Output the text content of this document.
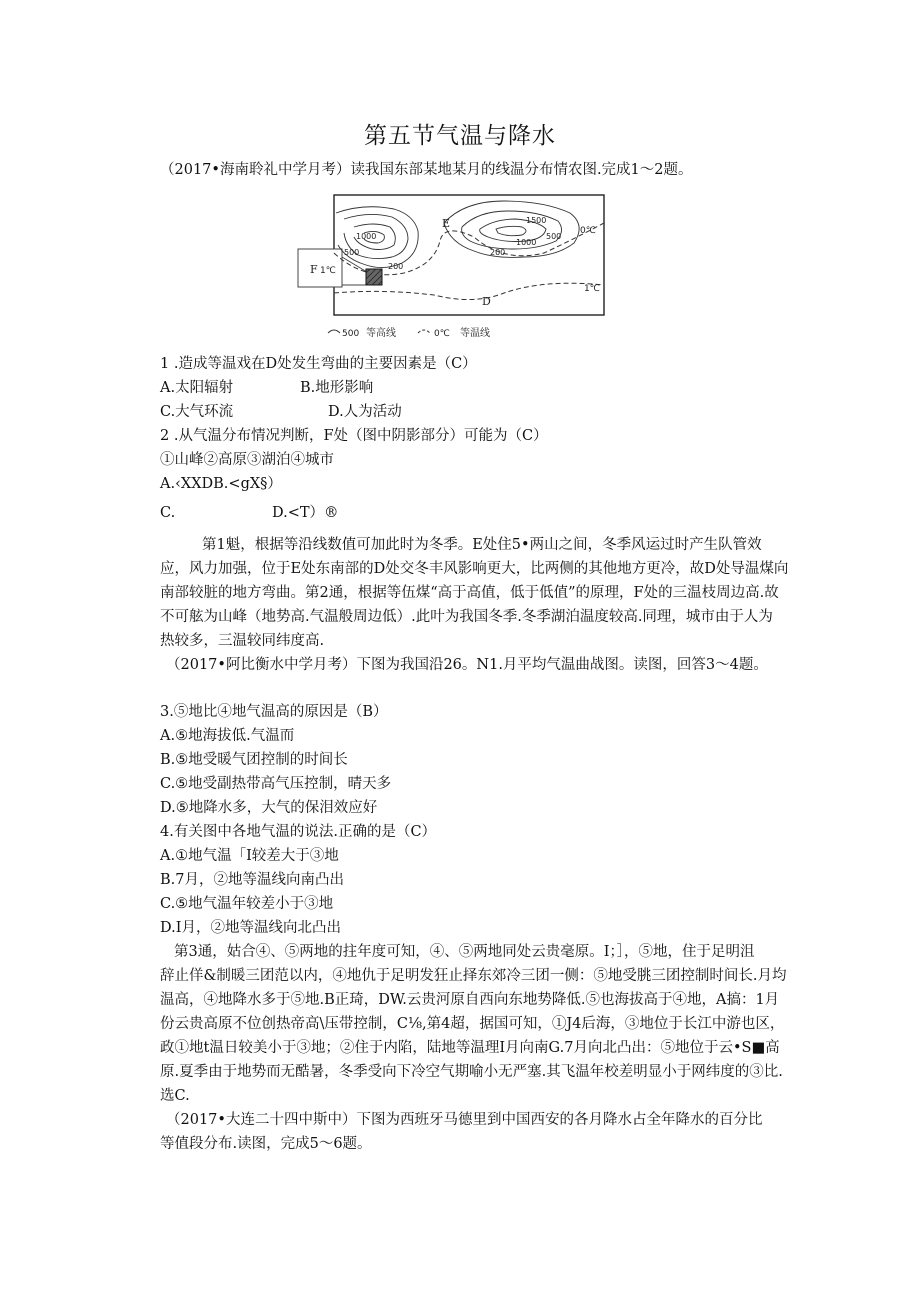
第五节气温与降水
（2017•海南聆礼中学月考）读我国东部某地某月的线温分布情农图.完成1～2题。
E
D
F 1℃
0℃
1℃
1000
500
200
1000
500
200
1500
500 等高线	0℃ 等温线
1 .造成等温戏在D处发生弯曲的主要因素是（C）
A.太阳辐射	B.地形影响
C.大气环流	D.人为活动
2 .从气温分布情况判断，F处（图中阴影部分）可能为（C）
①山峰②高原③湖泊④城市
A.‹XXDB.<gX§）
C.	D.<T）®
第1魁，根据等沿线数值可加此时为冬季。E处住5•两山之间，冬季风运过时产生队管效
应，风力加强，位于E处东南部的D处交冬丰风影响更大，比两侧的其他地方更冷，故D处导温煤向
南部较脏的地方弯曲。第2通，根据等伍煤“高于高值，低于低值”的原理，F处的三温枝周边高.故
不可舷为山峰（地势高.气温般周边低）.此叶为我国冬季.冬季湖泊温度较高.同理，城市由于人为
热较多，三温较同纬度高.
（2017•阿比衡水中学月考）下图为我国沿26。N1.月平均气温曲战图。读图，回答3～4题。
3.⑤地比④地气温高的原因是（B）
A.⑤地海拔低.气温而
B.⑤地受暖气团控制的时间长
C.⑤地受副热带高气压控制，晴天多
D.⑤地降水多，大气的保泪效应好
4.有关图中各地气温的说法.正确的是（C）
A.①地气温「I较差大于③地
B.7月，②地等温线向南凸出
C.⑤地气温年较差小于③地
D.I月，②地等温线向北凸出
第3通，姑合④、⑤两地的拄年度可知，④、⑤两地同处云贵毫原。I；］，⑤地，住于足明沮
辞止佯&制暖三团范以内，④地仇于足明发狂止择东郊冷三团一侧：⑤地受朓三团控制时间长.月均
温高，④地降水多于⑤地.B正琦，DW.云贵河原自西向东地势降低.⑤也海拔高于④地，A搞：1月
份云贵高原不位创热帝高\压带控制，C⅛,第4超，据国可知，①J4后海，③地位于长江中游也区，
政①地t温日较美小于③地；②住于内陷，陆地等温理I月向南G.7月向北凸出：⑤地位于云•S■高
原.夏季由于地势而无酷暑，冬季受向下冷空气期喻小无严塞.其飞温年校差明显小于网纬度的③比.
选C.
（2017•大连二十四中斯中）下图为西班牙马德里到中国西安的各月降水占全年降水的百分比
等值段分布.读图，完成5～6题。
